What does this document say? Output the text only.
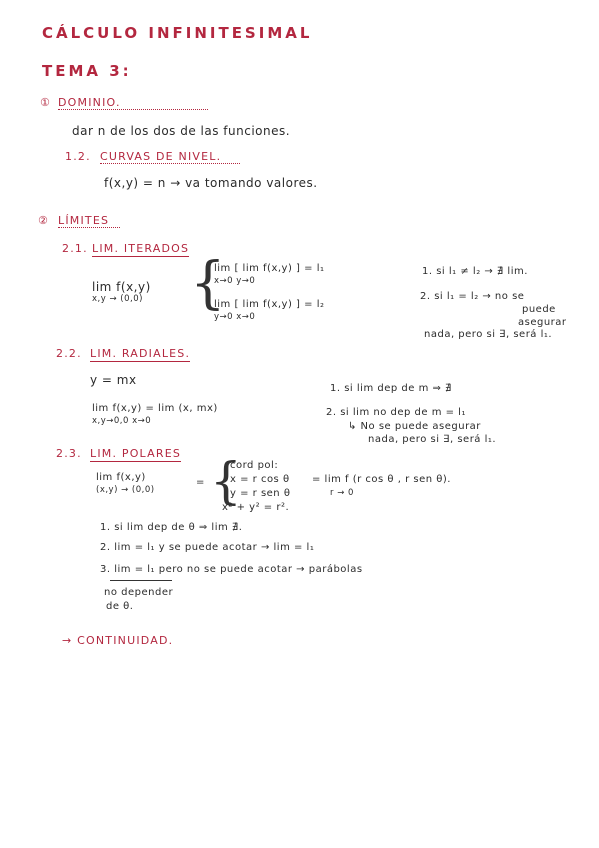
CÁLCULO INFINITESIMAL
TEMA 3:
① DOMINIO.
dar n de los dos de las funciones.
1.2. CURVAS DE NIVEL.
f(x,y) = n → va tomando valores.
② LÍMITES
2.1. LIM. ITERADOS
lim f(x,y)
x,y → (0,0) {
lim [ lim f(x,y) ] = l₁
x→0 y→0
lim [ lim f(x,y) ] = l₂
y→0 x→0
1. si l₁ ≠ l₂ → ∄ lim.
2. si l₁ = l₂ → no se
puede
asegurar
nada, pero si ∃, será l₁.
2.2. LIM. RADIALES.
y = mx
lim f(x,y) = lim (x, mx)
x,y→0,0 x→0
1. si lim dep de m ⇒ ∄
2. si lim no dep de m = l₁
↳ No se puede asegurar
nada, pero si ∃, será l₁.
2.3. LIM. POLARES
lim f(x,y)
(x,y) → (0,0)
= {
cord pol:
x = r cos θ
y = r sen θ
x² + y² = r².
= lim f (r cos θ , r sen θ).
r → 0
1. si lim dep de θ ⇒ lim ∄.
2. lim = l₁ y se puede acotar → lim = l₁
3. lim = l₁ pero no se puede acotar → parábolas
no depender
de θ.
→ CONTINUIDAD.
